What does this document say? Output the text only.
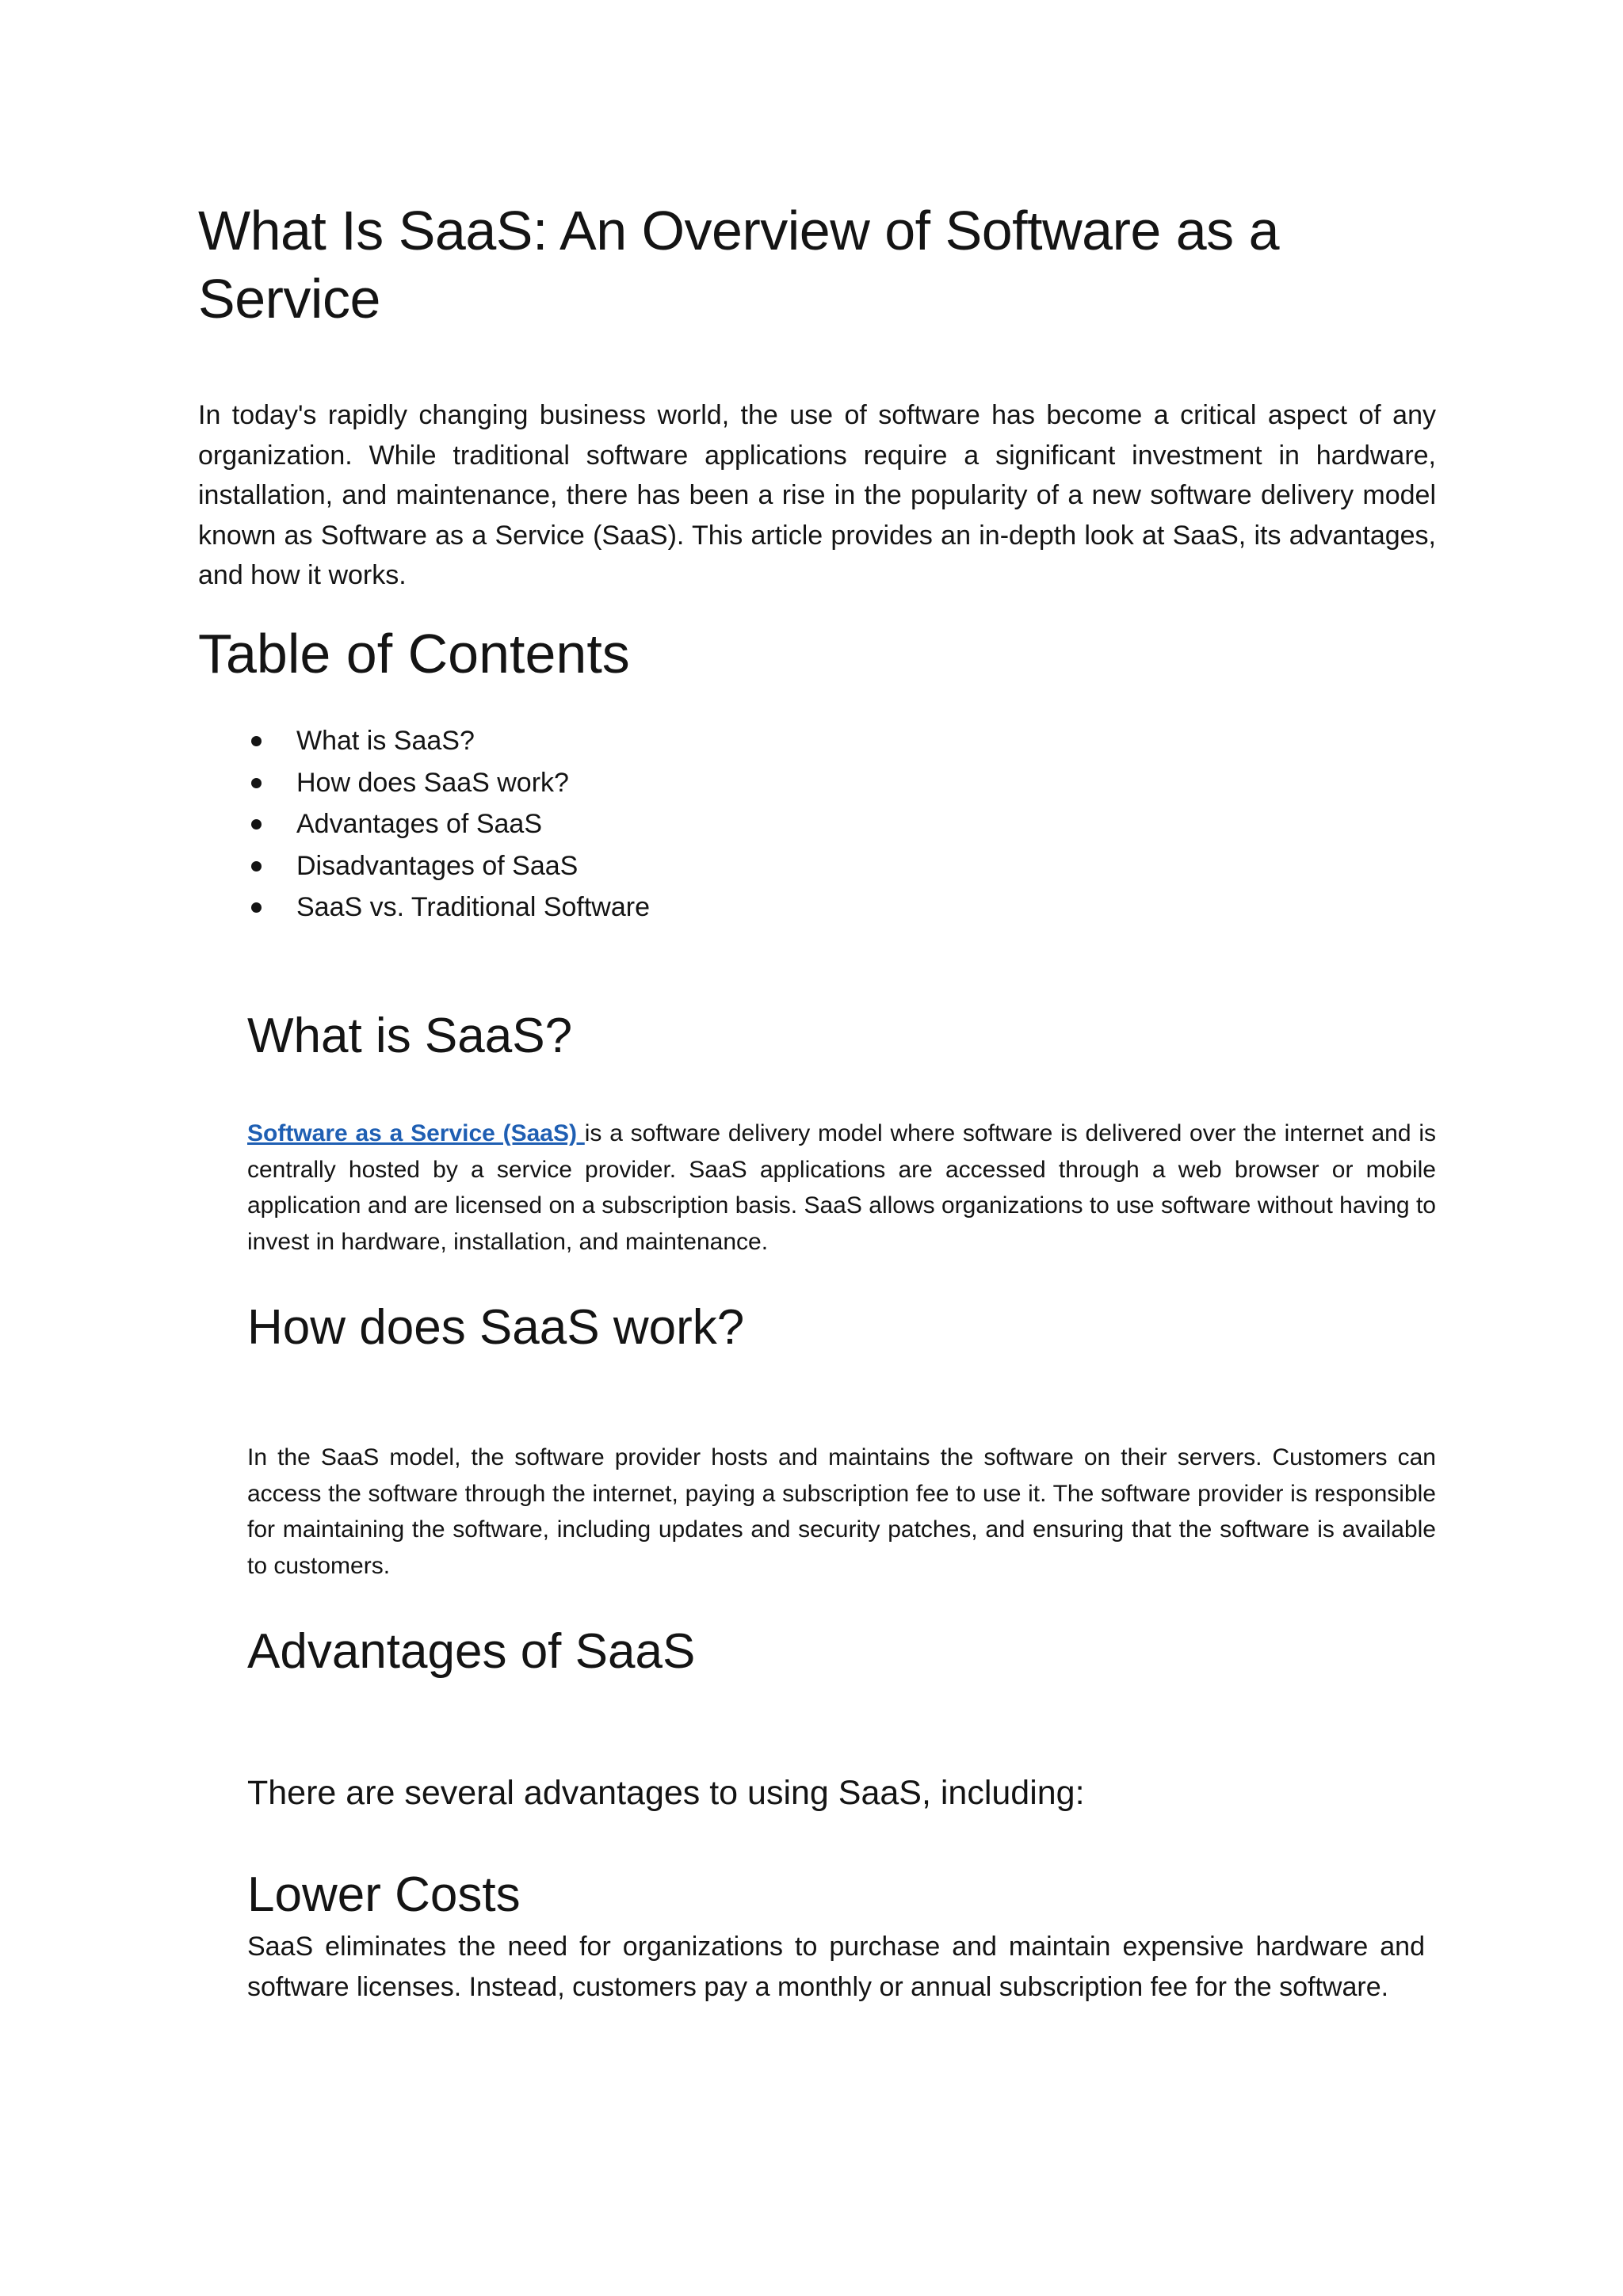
What Is SaaS: An Overview of Software as a Service

In today's rapidly changing business world, the use of software has become a critical aspect of any organization. While traditional software applications require a significant investment in hardware, installation, and maintenance, there has been a rise in the popularity of a new software delivery model known as Software as a Service (SaaS). This article provides an in-depth look at SaaS, its advantages, and how it works.

Table of Contents
What is SaaS?
How does SaaS work?
Advantages of SaaS
Disadvantages of SaaS
SaaS vs. Traditional Software
What is SaaS?

Software as a Service (SaaS) is a software delivery model where software is delivered over the internet and is centrally hosted by a service provider. SaaS applications are accessed through a web browser or mobile application and are licensed on a subscription basis. SaaS allows organizations to use software without having to invest in hardware, installation, and maintenance.

How does SaaS work?

In the SaaS model, the software provider hosts and maintains the software on their servers. Customers can access the software through the internet, paying a subscription fee to use it. The software provider is responsible for maintaining the software, including updates and security patches, and ensuring that the software is available to customers.

Advantages of SaaS

There are several advantages to using SaaS, including:

Lower Costs

SaaS eliminates the need for organizations to purchase and maintain expensive hardware and software licenses. Instead, customers pay a monthly or annual subscription fee for the software.
